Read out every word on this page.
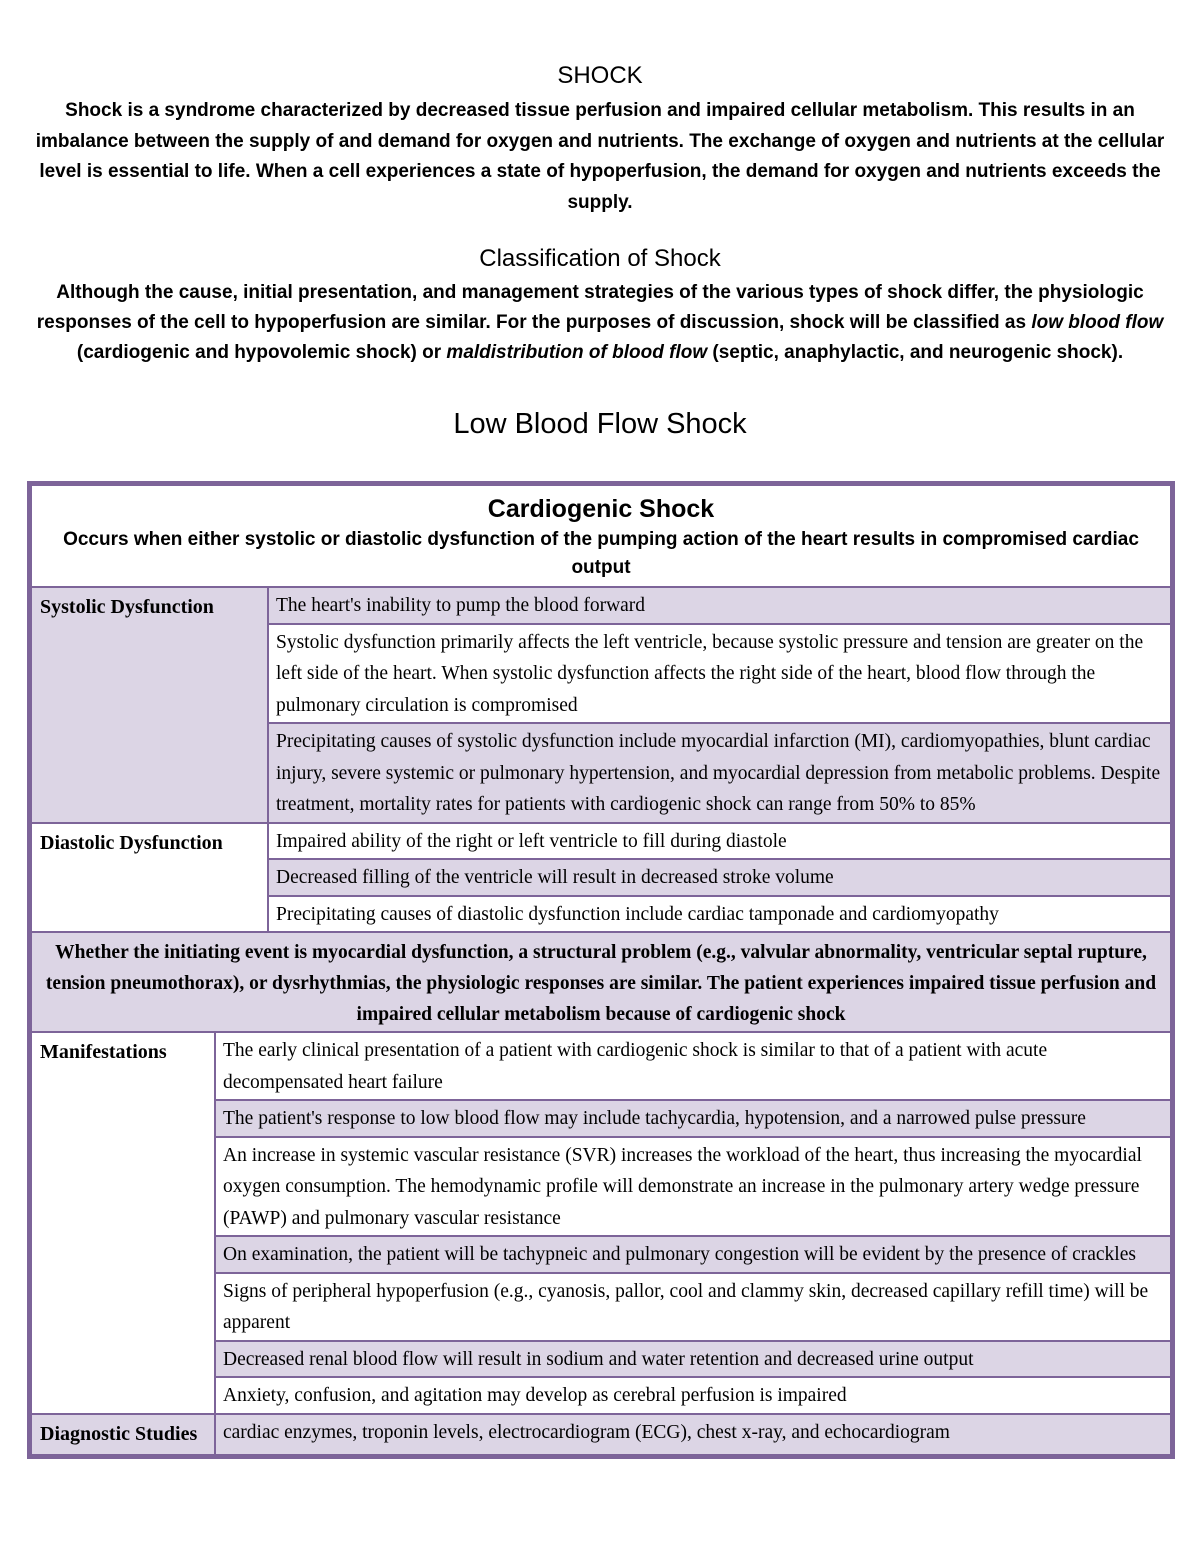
SHOCK
Shock is a syndrome characterized by decreased tissue perfusion and impaired cellular metabolism. This results in an imbalance between the supply of and demand for oxygen and nutrients. The exchange of oxygen and nutrients at the cellular level is essential to life. When a cell experiences a state of hypoperfusion, the demand for oxygen and nutrients exceeds the supply.
Classification of Shock
Although the cause, initial presentation, and management strategies of the various types of shock differ, the physiologic responses of the cell to hypoperfusion are similar. For the purposes of discussion, shock will be classified as low blood flow (cardiogenic and hypovolemic shock) or maldistribution of blood flow (septic, anaphylactic, and neurogenic shock).
Low Blood Flow Shock
Cardiogenic Shock
Occurs when either systolic or diastolic dysfunction of the pumping action of the heart results in compromised cardiac output		

Systolic Dysfunction		The heart's inability to pump the blood forward
		Systolic dysfunction primarily affects the left ventricle, because systolic pressure and tension are greater on the left side of the heart. When systolic dysfunction affects the right side of the heart, blood flow through the pulmonary circulation is compromised
		Precipitating causes of systolic dysfunction include myocardial infarction (MI), cardiomyopathies, blunt cardiac injury, severe systemic or pulmonary hypertension, and myocardial depression from metabolic problems. Despite treatment, mortality rates for patients with cardiogenic shock can range from 50% to 85%
Diastolic Dysfunction		Impaired ability of the right or left ventricle to fill during diastole
		Decreased filling of the ventricle will result in decreased stroke volume
		Precipitating causes of diastolic dysfunction include cardiac tamponade and cardiomyopathy
Whether the initiating event is myocardial dysfunction, a structural problem (e.g., valvular abnormality, ventricular septal rupture, tension pneumothorax), or dysrhythmias, the physiologic responses are similar. The patient experiences impaired tissue perfusion and impaired cellular metabolism because of cardiogenic shock		
Manifestations	The early clinical presentation of a patient with cardiogenic shock is similar to that of a patient with acute decompensated heart failure	
	The patient's response to low blood flow may include tachycardia, hypotension, and a narrowed pulse pressure	
	An increase in systemic vascular resistance (SVR) increases the workload of the heart, thus increasing the myocardial oxygen consumption. The hemodynamic profile will demonstrate an increase in the pulmonary artery wedge pressure (PAWP) and pulmonary vascular resistance	
	On examination, the patient will be tachypneic and pulmonary congestion will be evident by the presence of crackles	
	Signs of peripheral hypoperfusion (e.g., cyanosis, pallor, cool and clammy skin, decreased capillary refill time) will be apparent	
	Decreased renal blood flow will result in sodium and water retention and decreased urine output	
	Anxiety, confusion, and agitation may develop as cerebral perfusion is impaired	
Diagnostic Studies	cardiac enzymes, troponin levels, electrocardiogram (ECG), chest x-ray, and echocardiogram	
